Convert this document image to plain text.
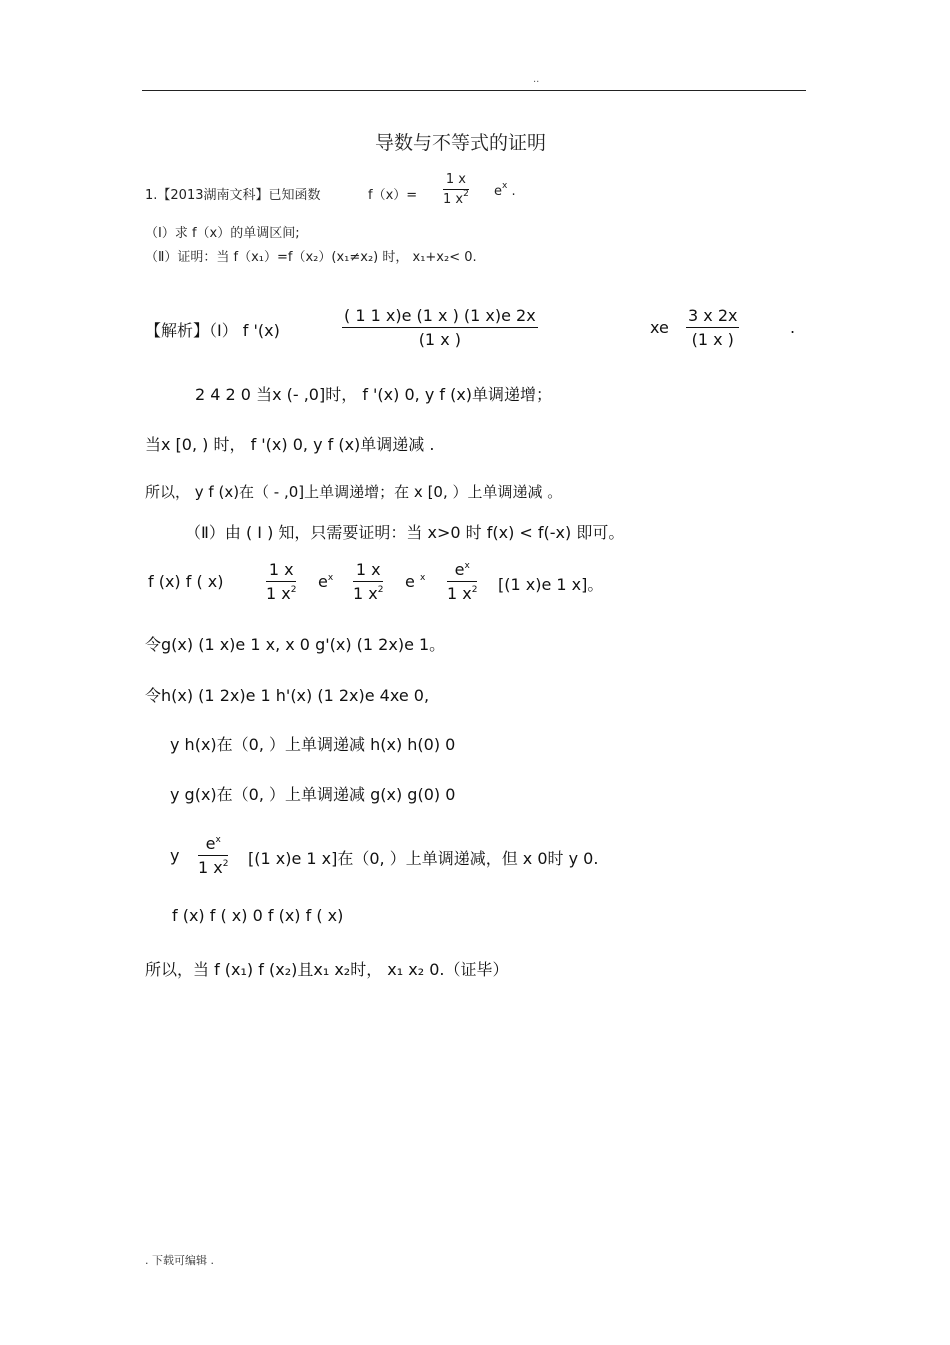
..
导数与不等式的证明
1.【2013湖南文科】已知函数	$f(x)= \frac{1 x}{1 x^2} e^x$ .
（Ⅰ）求 f（x）的单调区间;
（Ⅱ）证明：当 f（x₁）=f（x₂）(x₁≠x₂) 时， x₁+x₂< 0.
【解析】（Ⅰ） f '(x)	$\frac{( 1 1 x)e (1 x ) (1 x)e 2x}{(1 x )}$	xe $\frac{3 x 2x}{(1 x )}$	.
2 4 2 0 当x (- ,0]时， f '(x) 0, y f (x)单调递增；
当x [0, ) 时， f '(x) 0, y f (x)单调递减 .
所以， y f (x)在（ - ,0]上单调递增；在 x [0, ）上单调递减 。
（Ⅱ）由 ( Ⅰ ) 知，只需要证明：当 x>0 时 f(x) < f(-x) 即可。
f (x) f ( x)	$\frac{1 x}{1 x^2} e^x \frac{1 x}{1 x^2}$ e $^x \frac{e^x}{1 x^2} [(1$ x)e 1 x]。
令g(x) (1 x)e 1 x, x 0 g'(x) (1 2x)e 1。
令h(x) (1 2x)e 1 h'(x) (1 2x)e 4xe 0,
y h(x)在（0, ）上单调递减 h(x) h(0) 0
y g(x)在（0, ）上单调递减 g(x) g(0) 0
y $\frac{e^x}{1 x^2} [(1$ x)e 1 x]在（0, ）上单调递减，但 x 0时 y 0.
f (x) f ( x) 0 f (x) f ( x)
所以，当 f (x₁) f (x₂)且x₁ x₂时， x₁ x₂ 0.（证毕）
. 下载可编辑 .
